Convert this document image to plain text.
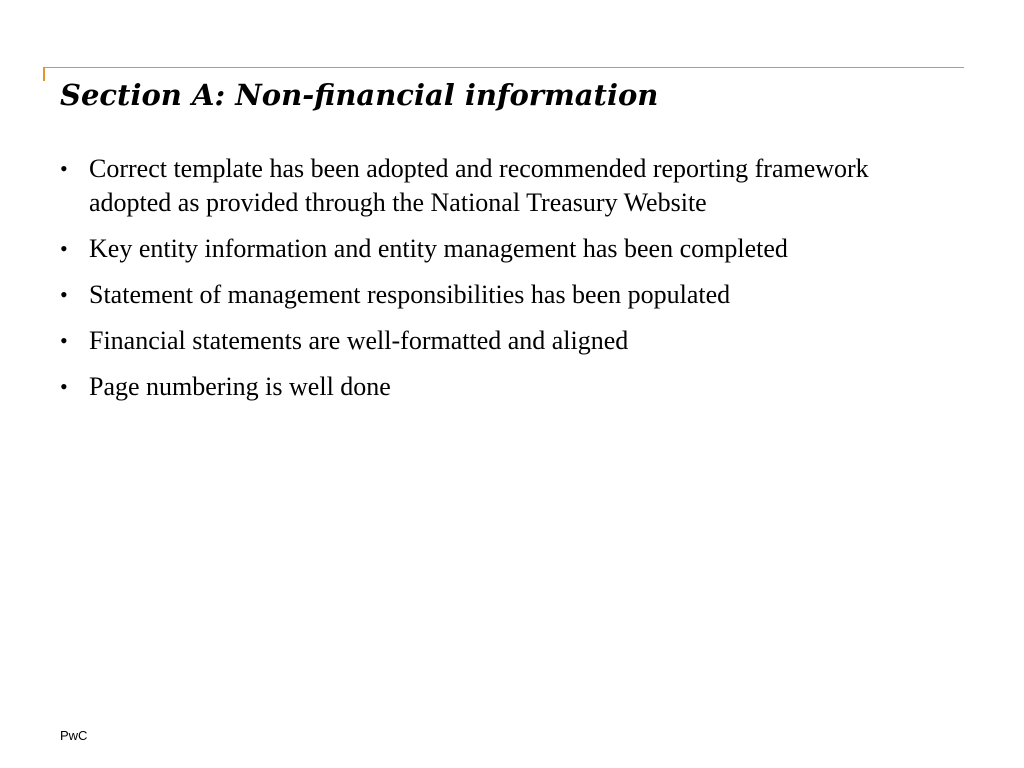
Section A: Non-financial information
• Correct template has been adopted and recommended reporting framework adopted as provided through the National Treasury Website
• Key entity information and entity management has been completed
• Statement of management responsibilities has been populated
• Financial statements are well-formatted and aligned
• Page numbering is well done
PwC
